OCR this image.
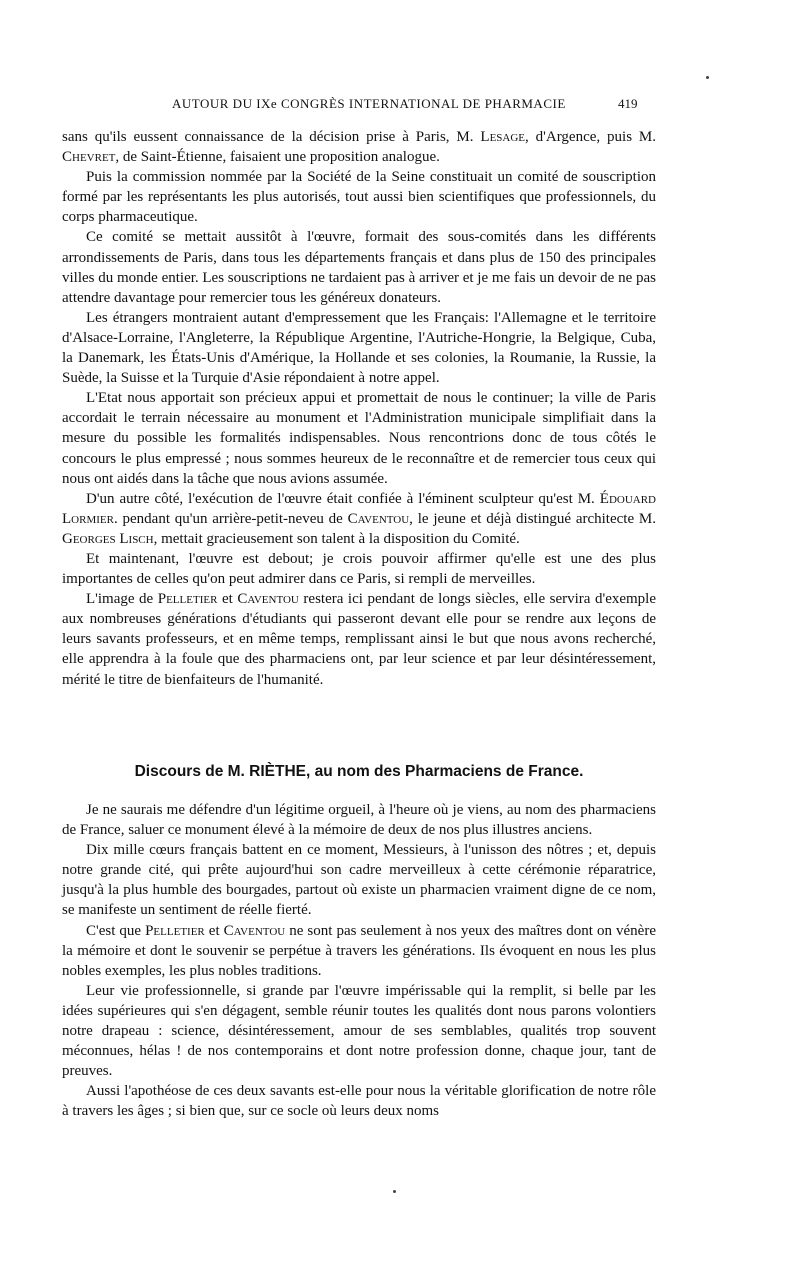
AUTOUR DU IXe CONGRÈS INTERNATIONAL DE PHARMACIE	419

sans qu'ils eussent connaissance de la décision prise à Paris, M. Lesage, d'Argence, puis M. Chevret, de Saint-Étienne, faisaient une proposition analogue.

Puis la commission nommée par la Société de la Seine constituait un comité de souscription formé par les représentants les plus autorisés, tout aussi bien scientifiques que professionnels, du corps pharmaceutique.

Ce comité se mettait aussitôt à l'œuvre, formait des sous-comités dans les différents arrondissements de Paris, dans tous les départements français et dans plus de 150 des principales villes du monde entier. Les souscriptions ne tardaient pas à arriver et je me fais un devoir de ne pas attendre davantage pour remercier tous les généreux donateurs.

Les étrangers montraient autant d'empressement que les Français: l'Allemagne et le territoire d'Alsace-Lorraine, l'Angleterre, la République Argentine, l'Autriche-Hongrie, la Belgique, Cuba, la Danemark, les États-Unis d'Amérique, la Hollande et ses colonies, la Roumanie, la Russie, la Suède, la Suisse et la Turquie d'Asie répondaient à notre appel.

L'Etat nous apportait son précieux appui et promettait de nous le continuer; la ville de Paris accordait le terrain nécessaire au monument et l'Administration municipale simplifiait dans la mesure du possible les formalités indispensables. Nous rencontrions donc de tous côtés le concours le plus empressé ; nous sommes heureux de le reconnaître et de remercier tous ceux qui nous ont aidés dans la tâche que nous avions assumée.

D'un autre côté, l'exécution de l'œuvre était confiée à l'éminent sculpteur qu'est M. Édouard Lormier. pendant qu'un arrière-petit-neveu de Caventou, le jeune et déjà distingué architecte M. Georges Lisch, mettait gracieusement son talent à la disposition du Comité.

Et maintenant, l'œuvre est debout; je crois pouvoir affirmer qu'elle est une des plus importantes de celles qu'on peut admirer dans ce Paris, si rempli de merveilles.

L'image de Pelletier et Caventou restera ici pendant de longs siècles, elle servira d'exemple aux nombreuses générations d'étudiants qui passeront devant elle pour se rendre aux leçons de leurs savants professeurs, et en même temps, remplissant ainsi le but que nous avons recherché, elle apprendra à la foule que des pharmaciens ont, par leur science et par leur désintéressement, mérité le titre de bienfaiteurs de l'humanité.

Discours de M. RIÈTHE, au nom des Pharmaciens de France.

Je ne saurais me défendre d'un légitime orgueil, à l'heure où je viens, au nom des pharmaciens de France, saluer ce monument élevé à la mémoire de deux de nos plus illustres anciens.

Dix mille cœurs français battent en ce moment, Messieurs, à l'unisson des nôtres ; et, depuis notre grande cité, qui prête aujourd'hui son cadre merveilleux à cette cérémonie réparatrice, jusqu'à la plus humble des bourgades, partout où existe un pharmacien vraiment digne de ce nom, se manifeste un sentiment de réelle fierté.

C'est que Pelletier et Caventou ne sont pas seulement à nos yeux des maîtres dont on vénère la mémoire et dont le souvenir se perpétue à travers les générations. Ils évoquent en nous les plus nobles exemples, les plus nobles traditions.

Leur vie professionnelle, si grande par l'œuvre impérissable qui la remplit, si belle par les idées supérieures qui s'en dégagent, semble réunir toutes les qualités dont nous parons volontiers notre drapeau : science, désintéressement, amour de ses semblables, qualités trop souvent méconnues, hélas ! de nos contemporains et dont notre profession donne, chaque jour, tant de preuves.

Aussi l'apothéose de ces deux savants est-elle pour nous la véritable glorification de notre rôle à travers les âges ; si bien que, sur ce socle où leurs deux noms
